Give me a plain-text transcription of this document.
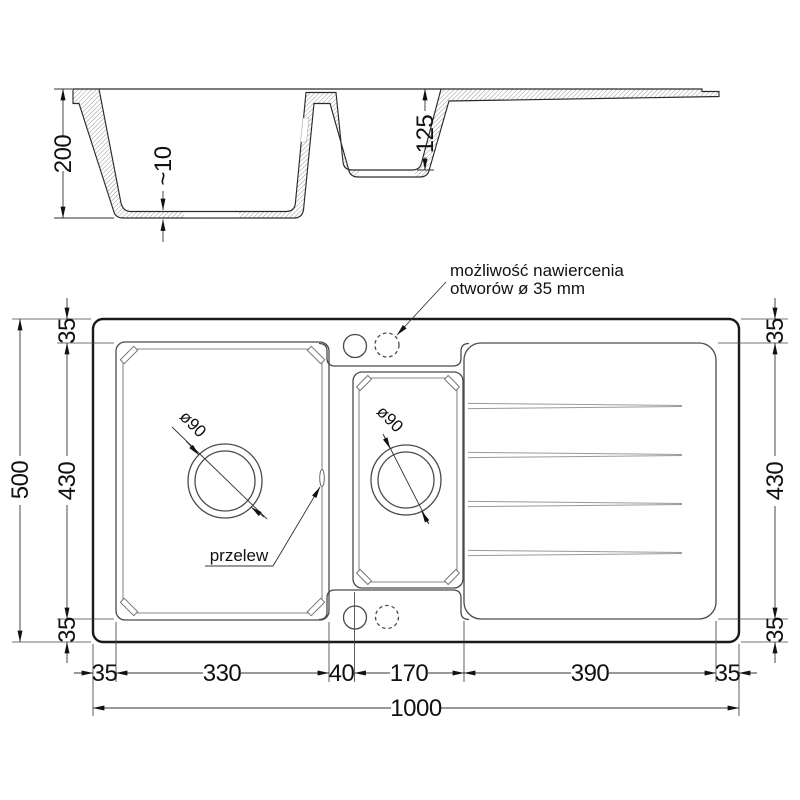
200	~10
125
ø90	ø90
możliwość nawiercenia
otworów ø 35 mm
przelew
35	330	40 170	390	35
1000
500
35
430
35
35
430
35
